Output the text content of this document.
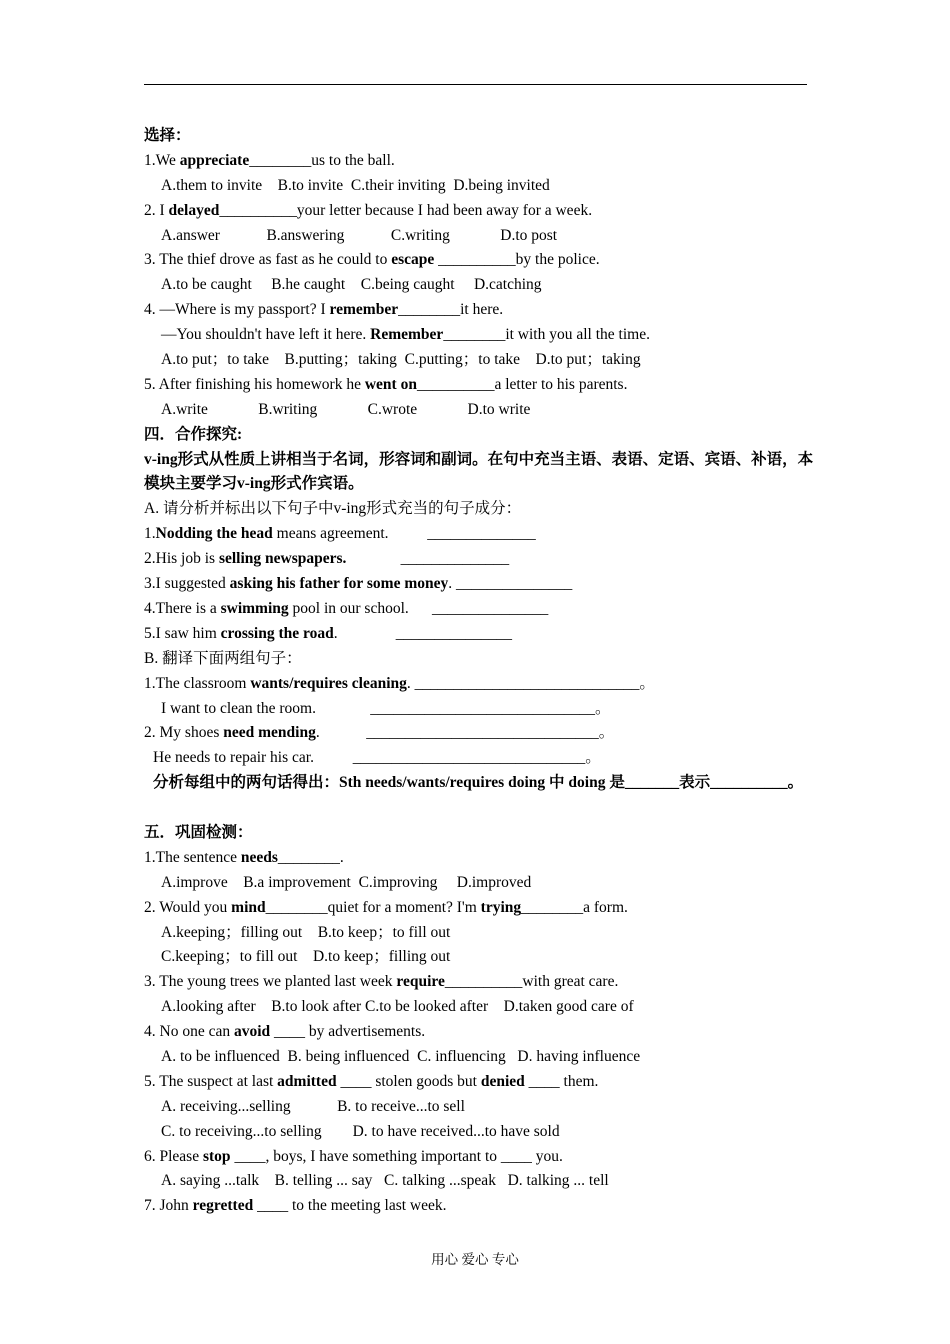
选择：
1.We appreciate________us to the ball.
A.them to invite    B.to invite  C.their inviting  D.being invited
2. I delayed__________your letter because I had been away for a week.
A.answer            B.answering            C.writing             D.to post
3. The thief drove as fast as he could to escape __________by the police.
A.to be caught     B.he caught    C.being caught     D.catching
4. —Where is my passport? I remember________it here.
—You shouldn't have left it here. Remember________it with you all the time.
A.to put；to take    B.putting；taking  C.putting；to take    D.to put；taking
5. After finishing his homework he went on__________a letter to his parents.
A.write             B.writing             C.wrote             D.to write
四．合作探究:
v-ing形式从性质上讲相当于名词，形容词和副词。在句中充当主语、表语、定语、宾语、补语，本模块主要学习v-ing形式作宾语。
A. 请分析并标出以下句子中v-ing形式充当的句子成分：
1.Nodding the head means agreement.          ______________
2.His job is selling newspapers.              ______________
3.I suggested asking his father for some money. _______________
4.There is a swimming pool in our school.      _______________
5.I saw him crossing the road.               _______________
B. 翻译下面两组句子：
1.The classroom wants/requires cleaning. _____________________________。
I want to clean the room.              _____________________________。
2. My shoes need mending.            ______________________________。
He needs to repair his car.          ______________________________。
分析每组中的两句话得出：Sth needs/wants/requires doing 中 doing 是_______表示__________。
五．巩固检测：
1.The sentence needs________.
A.improve    B.a improvement  C.improving     D.improved
2. Would you mind________quiet for a moment? I'm trying________a form.
A.keeping；filling out    B.to keep；to fill out
C.keeping；to fill out    D.to keep；filling out
3. The young trees we planted last week require__________with great care.
A.looking after    B.to look after C.to be looked after    D.taken good care of
4. No one can avoid ____ by advertisements.
A. to be influenced  B. being influenced  C. influencing   D. having influence
5. The suspect at last admitted ____ stolen goods but denied ____ them.
A. receiving...selling            B. to receive...to sell
C. to receiving...to selling        D. to have received...to have sold
6. Please stop ____, boys, I have something important to ____ you.
A. saying ...talk    B. telling ... say   C. talking ...speak   D. talking ... tell
7. John regretted ____ to the meeting last week.
用心 爱心 专心
